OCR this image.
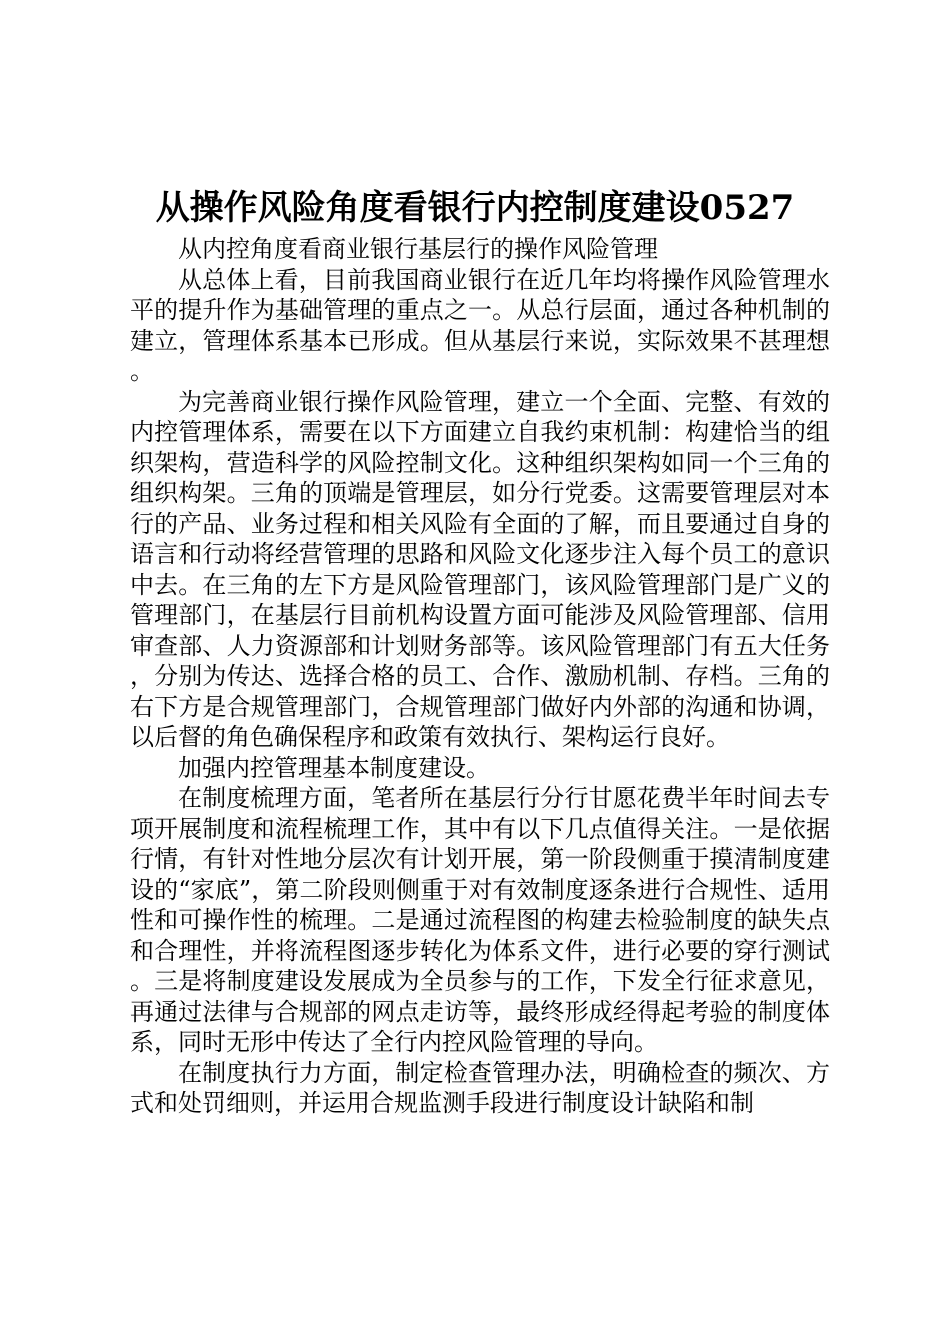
从操作风险角度看银行内控制度建设0527

从内控角度看商业银行基层行的操作风险管理

从总体上看，目前我国商业银行在近几年均将操作风险管理水平的提升作为基础管理的重点之一。从总行层面，通过各种机制的建立，管理体系基本已形成。但从基层行来说，实际效果不甚理想。

为完善商业银行操作风险管理，建立一个全面、完整、有效的内控管理体系，需要在以下方面建立自我约束机制：构建恰当的组织架构，营造科学的风险控制文化。这种组织架构如同一个三角的组织构架。三角的顶端是管理层，如分行党委。这需要管理层对本行的产品、业务过程和相关风险有全面的了解，而且要通过自身的语言和行动将经营管理的思路和风险文化逐步注入每个员工的意识中去。在三角的左下方是风险管理部门，该风险管理部门是广义的管理部门，在基层行目前机构设置方面可能涉及风险管理部、信用审查部、人力资源部和计划财务部等。该风险管理部门有五大任务，分别为传达、选择合格的员工、合作、激励机制、存档。三角的右下方是合规管理部门，合规管理部门做好内外部的沟通和协调，以后督的角色确保程序和政策有效执行、架构运行良好。

加强内控管理基本制度建设。

在制度梳理方面，笔者所在基层行分行甘愿花费半年时间去专项开展制度和流程梳理工作，其中有以下几点值得关注。一是依据行情，有针对性地分层次有计划开展，第一阶段侧重于摸清制度建设的“家底”，第二阶段则侧重于对有效制度逐条进行合规性、适用性和可操作性的梳理。二是通过流程图的构建去检验制度的缺失点和合理性，并将流程图逐步转化为体系文件，进行必要的穿行测试。三是将制度建设发展成为全员参与的工作，下发全行征求意见，再通过法律与合规部的网点走访等，最终形成经得起考验的制度体系，同时无形中传达了全行内控风险管理的导向。

在制度执行力方面，制定检查管理办法，明确检查的频次、方式和处罚细则，并运用合规监测手段进行制度设计缺陷和制
